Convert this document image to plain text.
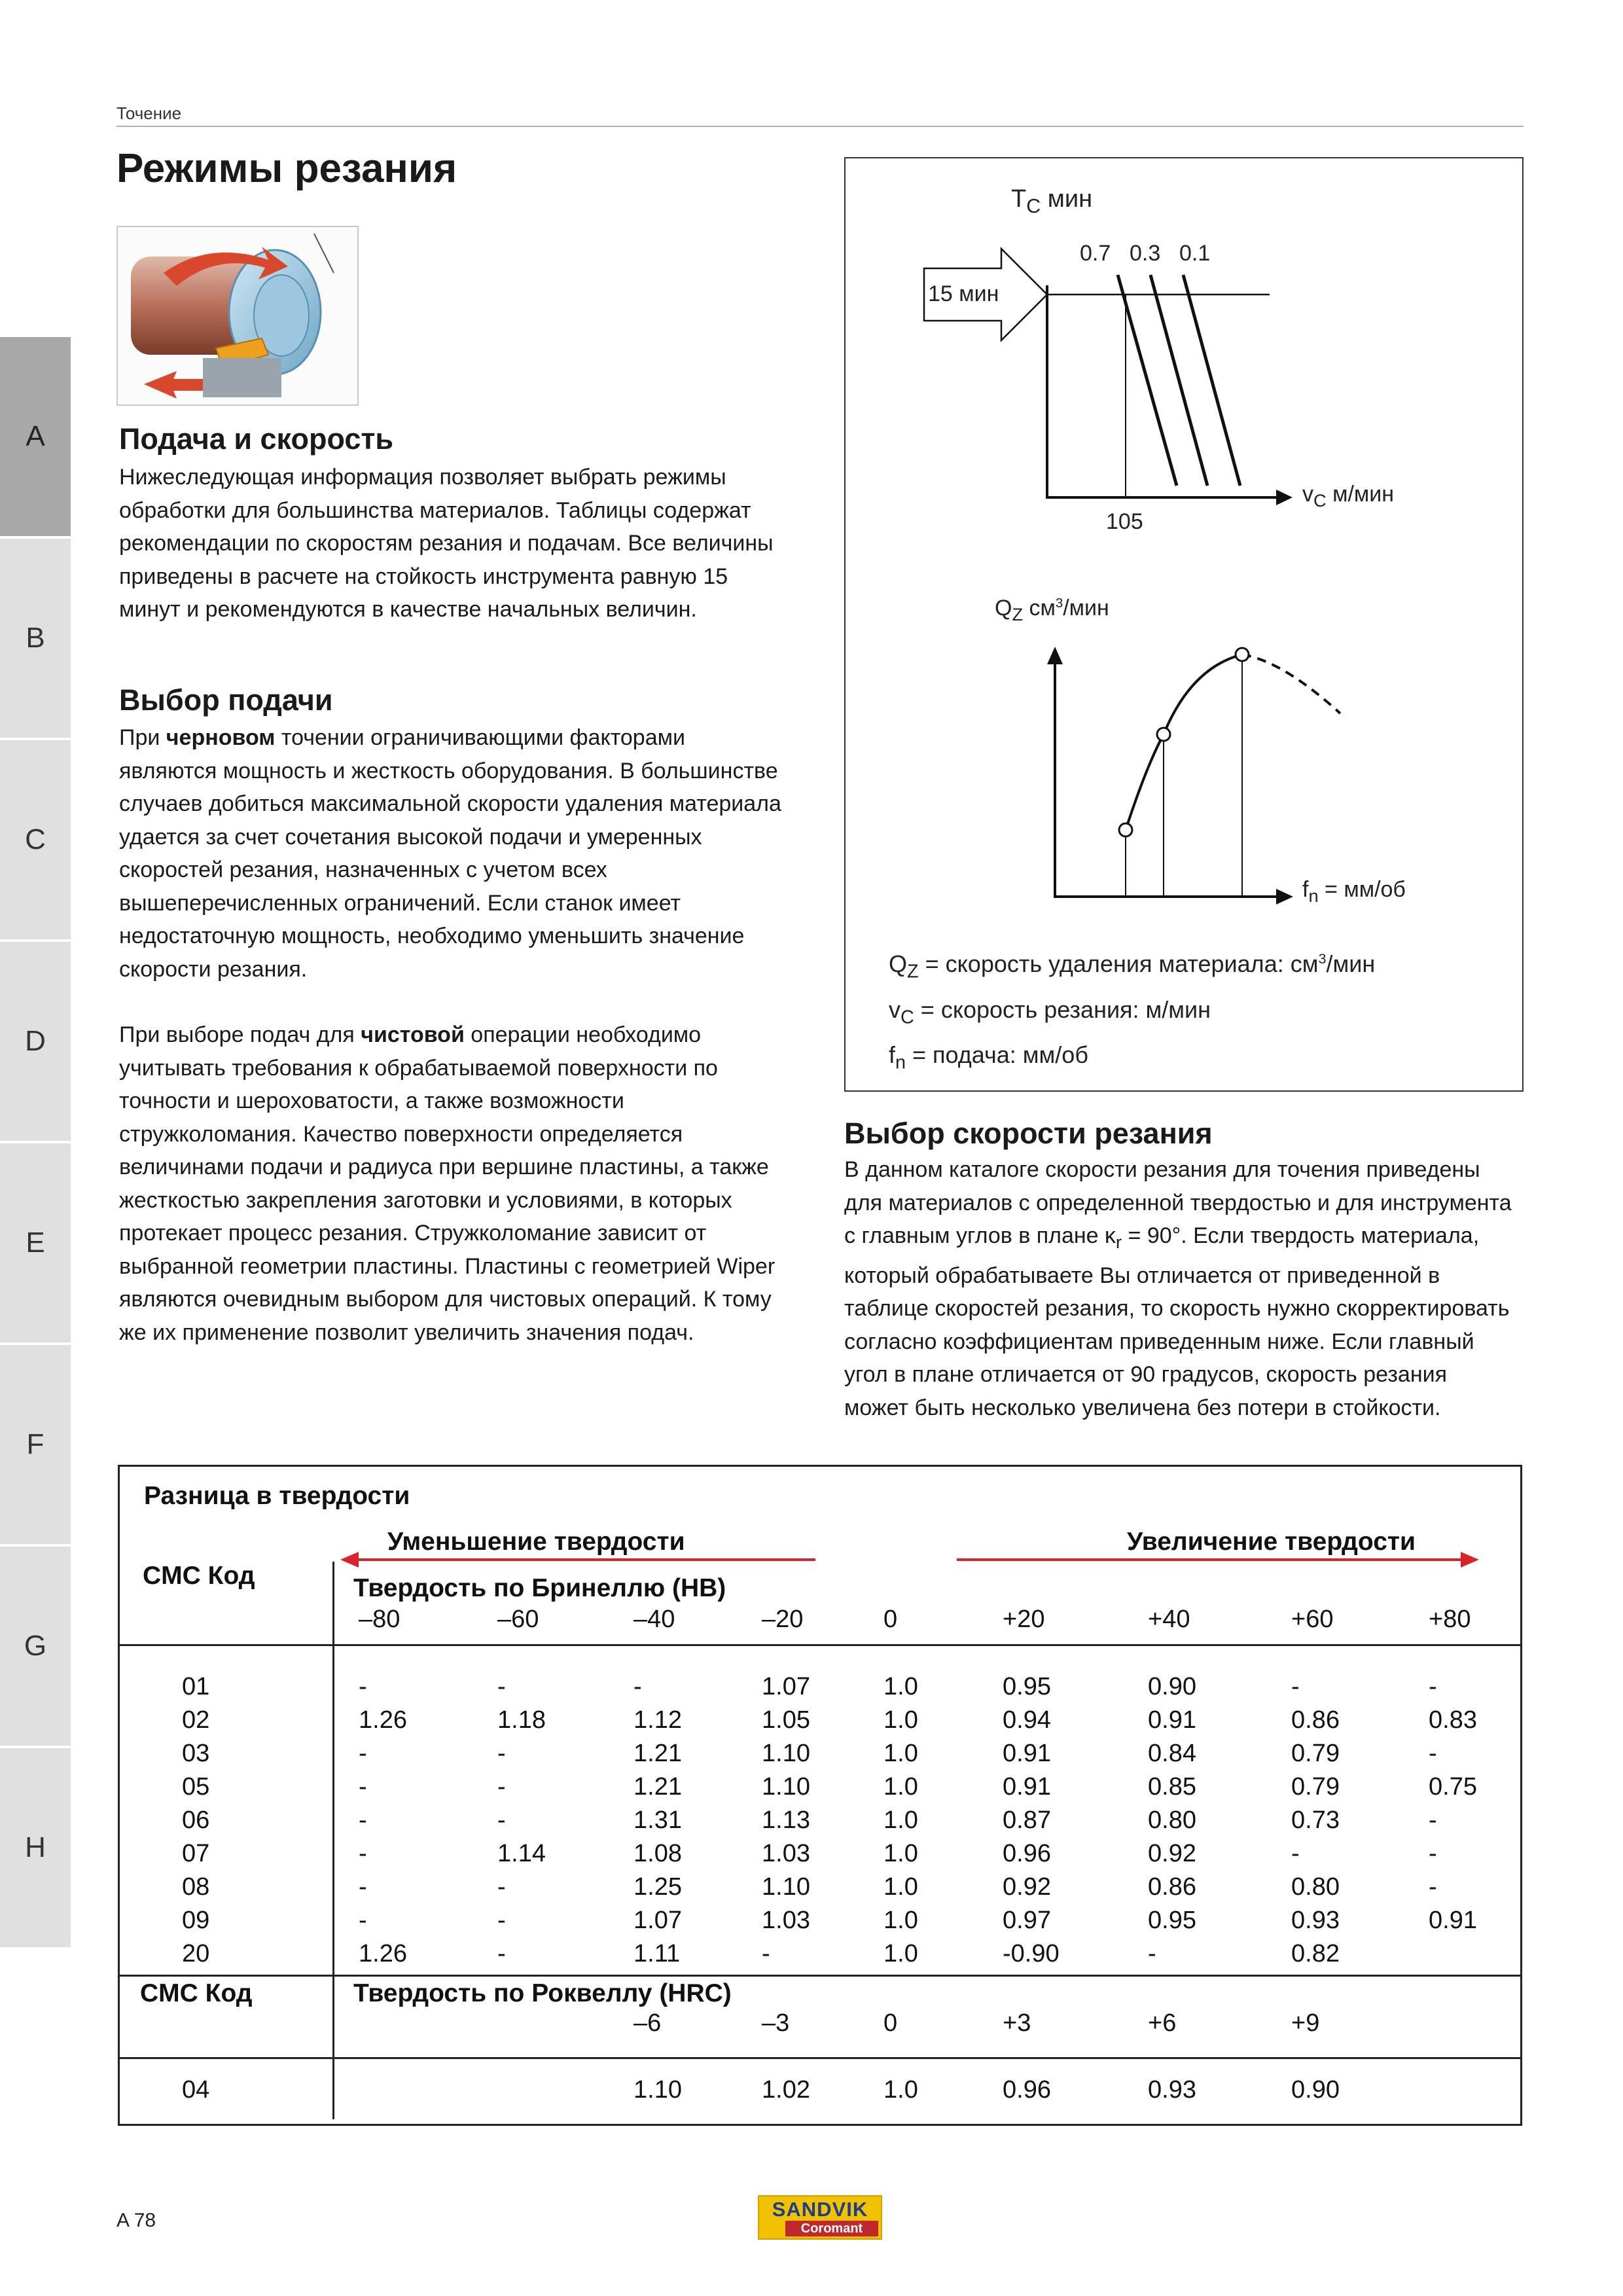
Точение
Режимы резания
A
B
C
D
E
F
G
H
Подача и скорость
Нижеследующая информация позволяет выбрать режимы
обработки для большинства материалов. Таблицы содержат
рекомендации по скоростям резания и подачам. Все величины
приведены в расчете на стойкость инструмента равную 15
минут и рекомендуются в качестве начальных величин.
Выбор подачи
При черновом точении ограничивающими факторами
являются мощность и жесткость оборудования. В большинстве
случаев добиться максимальной скорости удаления материала
удается за счет сочетания высокой подачи и умеренных
скоростей резания, назначенных с учетом всех
вышеперечисленных ограничений. Если станок имеет
недостаточную мощность, необходимо уменьшить значение
скорости резания.
При выборе подач для чистовой операции необходимо
учитывать требования к обрабатываемой поверхности по
точности и шероховатости, а также возможности
стружколомания. Качество поверхности определяется
величинами подачи и радиуса при вершине пластины, а также
жесткостью закрепления заготовки и условиями, в которых
протекает процесс резания. Стружколомание зависит от
выбранной геометрии пластины. Пластины с геометрией Wiper
являются очевидным выбором для чистовых операций. К тому
же их применение позволит увеличить значения подач.
$T_C$ мин
0.7 0.3 0.1
15 мин
$v_C$ м/мин
105
$Q_Z$ $см^3$/мин
$f_n = мм/об$
$Q_Z$ = скорость удаления материала: $см^3$/мин
$v_C$ = скорость резания: м/мин
$f_n$ = подача: мм/об
Выбор скорости резания
В данном каталоге скорости резания для точения приведены
для материалов с определенной твердостью и для инструмента
с главным углов в плане $\kappa_r = 90^\circ$. Если твердость материала,
который обрабатываете Вы отличается от приведенной в
таблице скоростей резания, то скорость нужно скорректировать
согласно коэффициентам приведенным ниже. Если главный
угол в плане отличается от 90 градусов, скорость резания
может быть несколько увеличена без потери в стойкости.
Разница в твердости
Уменьшение твердости	Увеличение твердости
CMC Код	Твердость по Бринеллю (HB)
–80	–60	–40	–20	0	+20	+40	+60	+80
01	-	-	-	1.07	1.0	0.95	0.90	-	-
02	1.26	1.18	1.12	1.05	1.0	0.94	0.91	0.86	0.83
03	-	-	1.21	1.10	1.0	0.91	0.84	0.79	-
05	-	-	1.21	1.10	1.0	0.91	0.85	0.79	0.75
06	-	-	1.31	1.13	1.0	0.87	0.80	0.73	-
07	-	1.14	1.08	1.03	1.0	0.96	0.92	-	-
08	-	-	1.25	1.10	1.0	0.92	0.86	0.80	-
09	-	-	1.07	1.03	1.0	0.97	0.95	0.93	0.91
20	1.26	-	1.11	-	1.0	-0.90	-	0.82
CMC Код	Твердость по Роквеллу (HRC)
–6	–3	0	+3	+6	+9
04	1.10	1.02	1.0	0.96	0.93	0.90
A 78	SANDVIK
Coromant
